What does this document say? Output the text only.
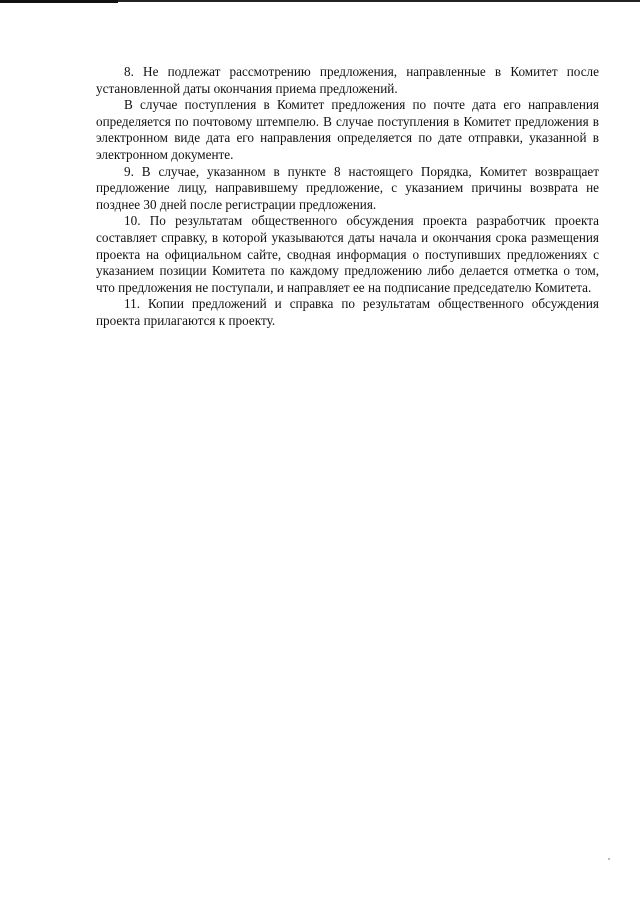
8. Не подлежат рассмотрению предложения, направленные в Комитет после установленной даты окончания приема предложений.

В случае поступления в Комитет предложения по почте дата его направления определяется по почтовому штемпелю. В случае поступления в Комитет предложения в электронном виде дата его направления определяется по дате отправки, указанной в электронном документе.

9. В случае, указанном в пункте 8 настоящего Порядка, Комитет возвращает предложение лицу, направившему предложение, с указанием причины возврата не позднее 30 дней после регистрации предложения.

10. По результатам общественного обсуждения проекта разработчик проекта составляет справку, в которой указываются даты начала и окончания срока размещения проекта на официальном сайте, сводная информация о поступивших предложениях с указанием позиции Комитета по каждому предложению либо делается отметка о том, что предложения не поступали, и направляет ее на подписание председателю Комитета.

11. Копии предложений и справка по результатам общественного обсуждения проекта прилагаются к проекту.
